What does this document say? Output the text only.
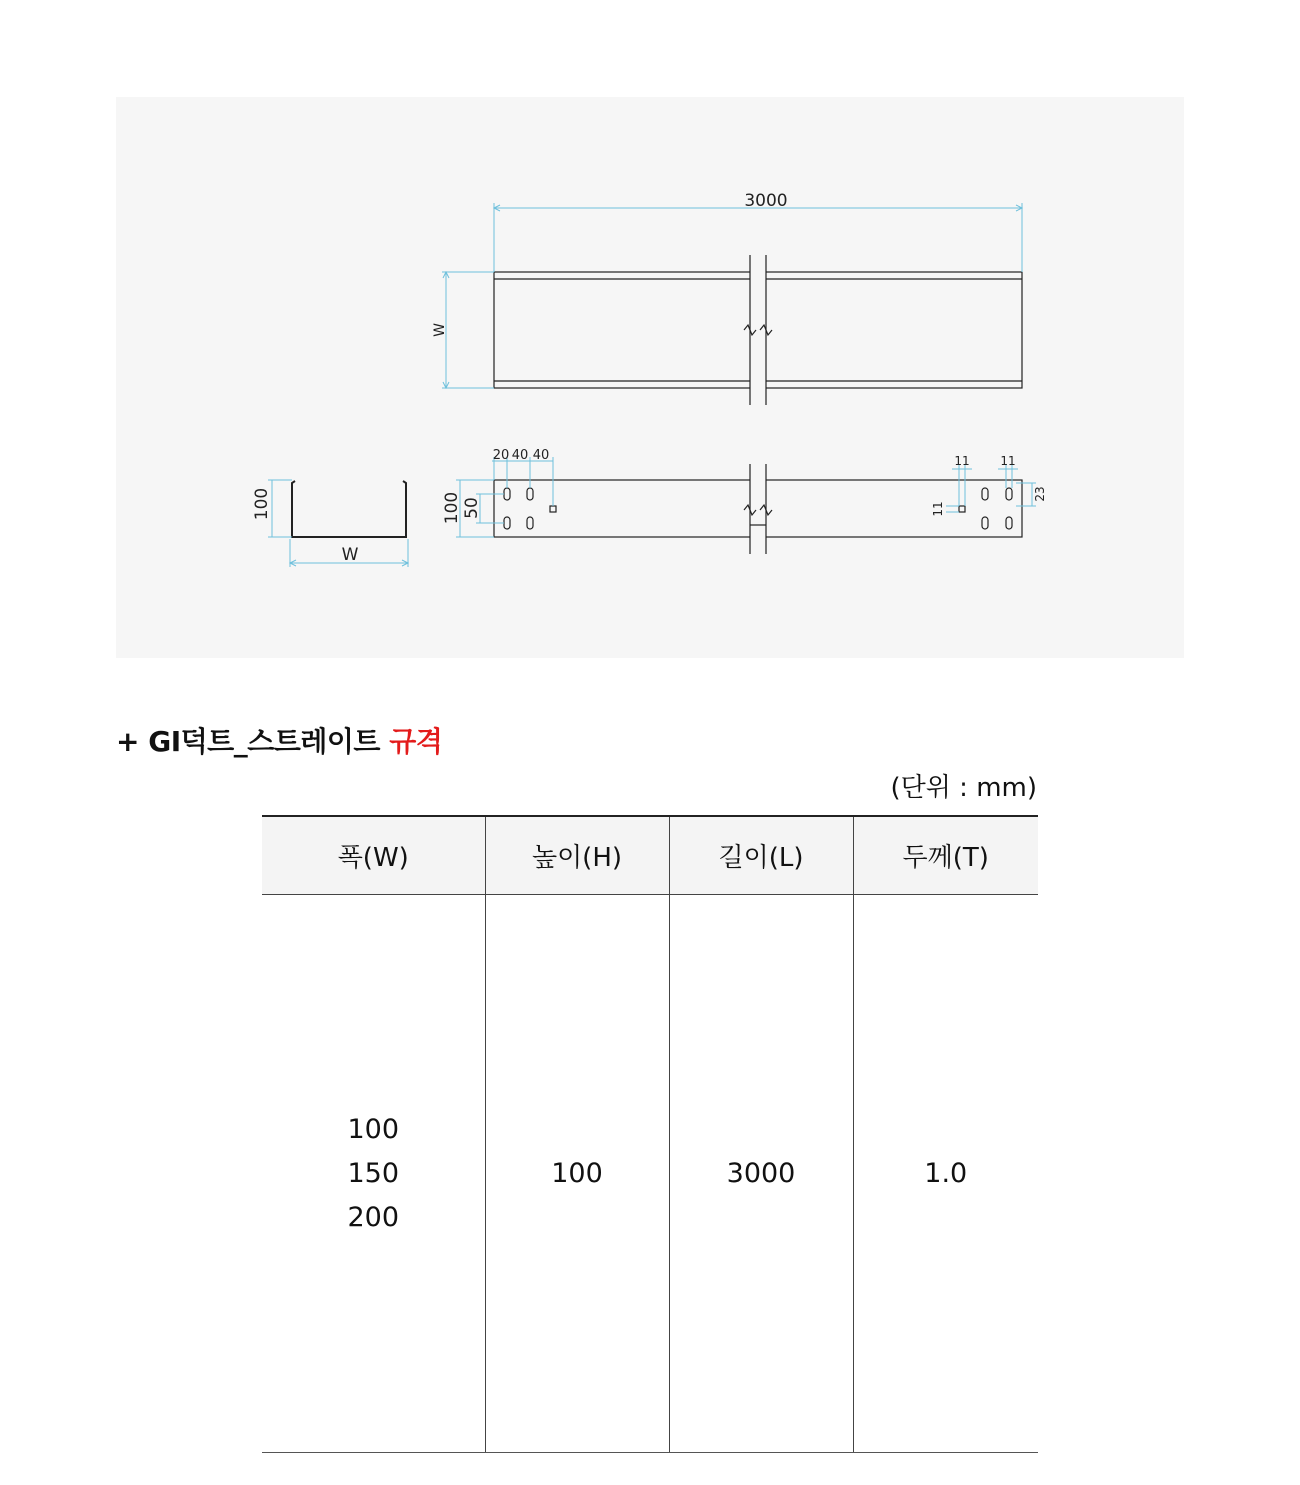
3000
W
100
W
100 50
20 40 40	11	11
11
23
+ GI덕트_스트레이트 규격
(단위 : mm)
폭(W)	높이(H)	길이(L)	두께(T)

100
150
200	100	3000	1.0
